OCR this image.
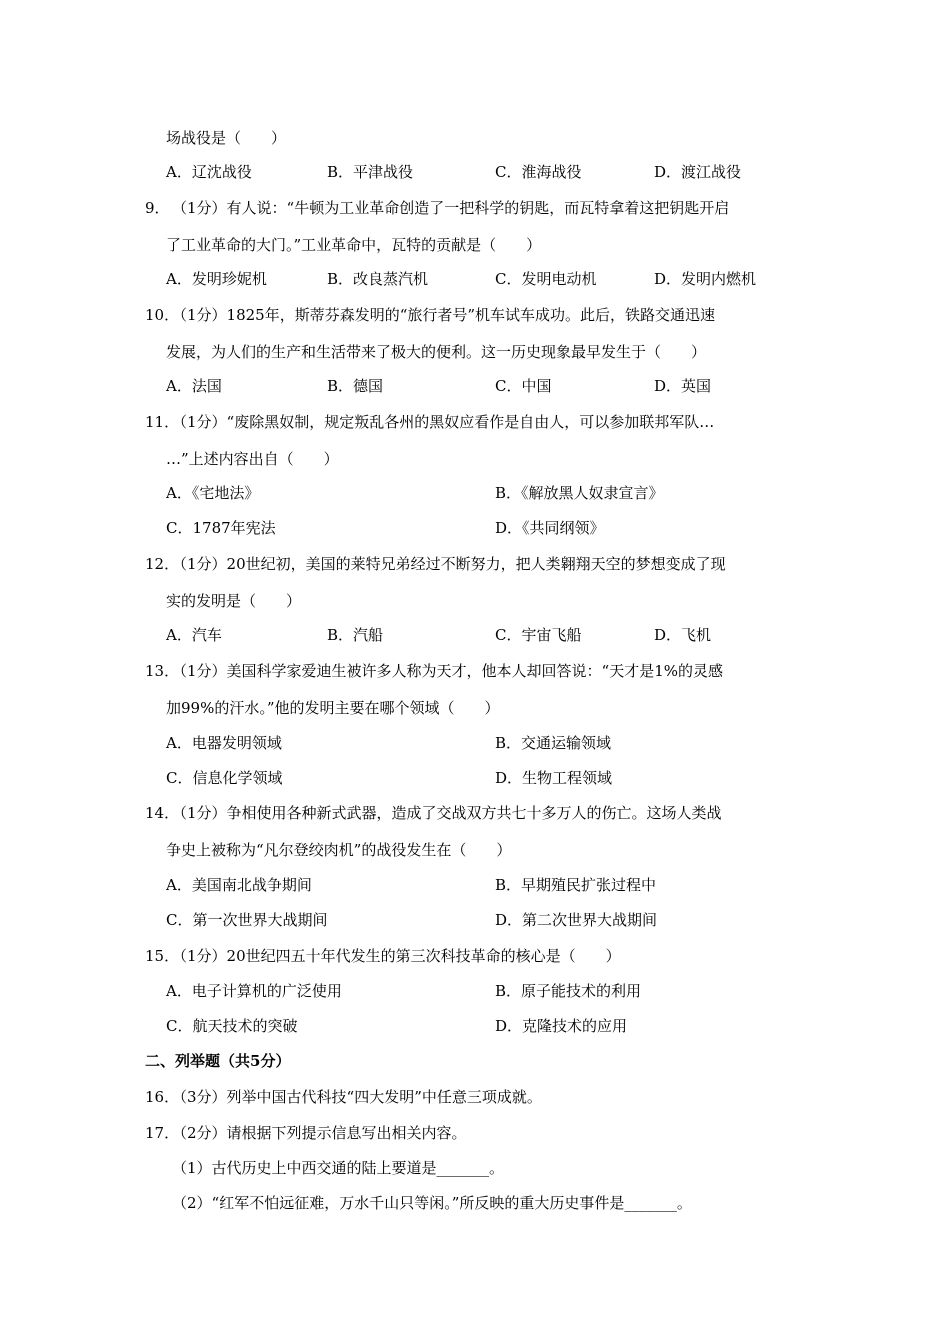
场战役是（　　）
A．辽沈战役	B．平津战役	C．淮海战役	D．渡江战役
9． （1分）有人说：“牛顿为工业革命创造了一把科学的钥匙，而瓦特拿着这把钥匙开启
了工业革命的大门。”工业革命中，瓦特的贡献是（　　）
A．发明珍妮机	B．改良蒸汽机	C．发明电动机	D．发明内燃机
10．
（1分）1825年，斯蒂芬森发明的“旅行者号”机车试车成功。此后，铁路交通迅速
发展，为人们的生产和生活带来了极大的便利。这一历史现象最早发生于（　　）
A．法国	B．德国	C．中国	D．英国
11．
（1分）“废除黑奴制，规定叛乱各州的黑奴应看作是自由人，可以参加联邦军队…
…”上述内容出自（　　）
A．《宅地法》	B．《解放黑人奴隶宣言》
C．1787年宪法	D．《共同纲领》
12．
（1分）20世纪初，美国的莱特兄弟经过不断努力，把人类翱翔天空的梦想变成了现
实的发明是（　　）
A．汽车	B．汽船	C．宇宙飞船	D．飞机
13．
（1分）美国科学家爱迪生被许多人称为天才，他本人却回答说：“天才是1%的灵感
加99%的汗水。”他的发明主要在哪个领域（　　）
A．电器发明领域	B．交通运输领域
C．信息化学领域	D．生物工程领域
14．
（1分）争相使用各种新式武器，造成了交战双方共七十多万人的伤亡。这场人类战
争史上被称为“凡尔登绞肉机”的战役发生在（　　）
A．美国南北战争期间	B．早期殖民扩张过程中
C．第一次世界大战期间	D．第二次世界大战期间
15．
（1分）20世纪四五十年代发生的第三次科技革命的核心是（　　）
A．电子计算机的广泛使用	B．原子能技术的利用
C．航天技术的突破	D．克隆技术的应用
二、列举题（共5分）
16．
（3分）列举中国古代科技“四大发明”中任意三项成就。
17．
（2分）请根据下列提示信息写出相关内容。
（1）古代历史上中西交通的陆上要道是_______。
（2）“红军不怕远征难，万水千山只等闲。”所反映的重大历史事件是_______。
